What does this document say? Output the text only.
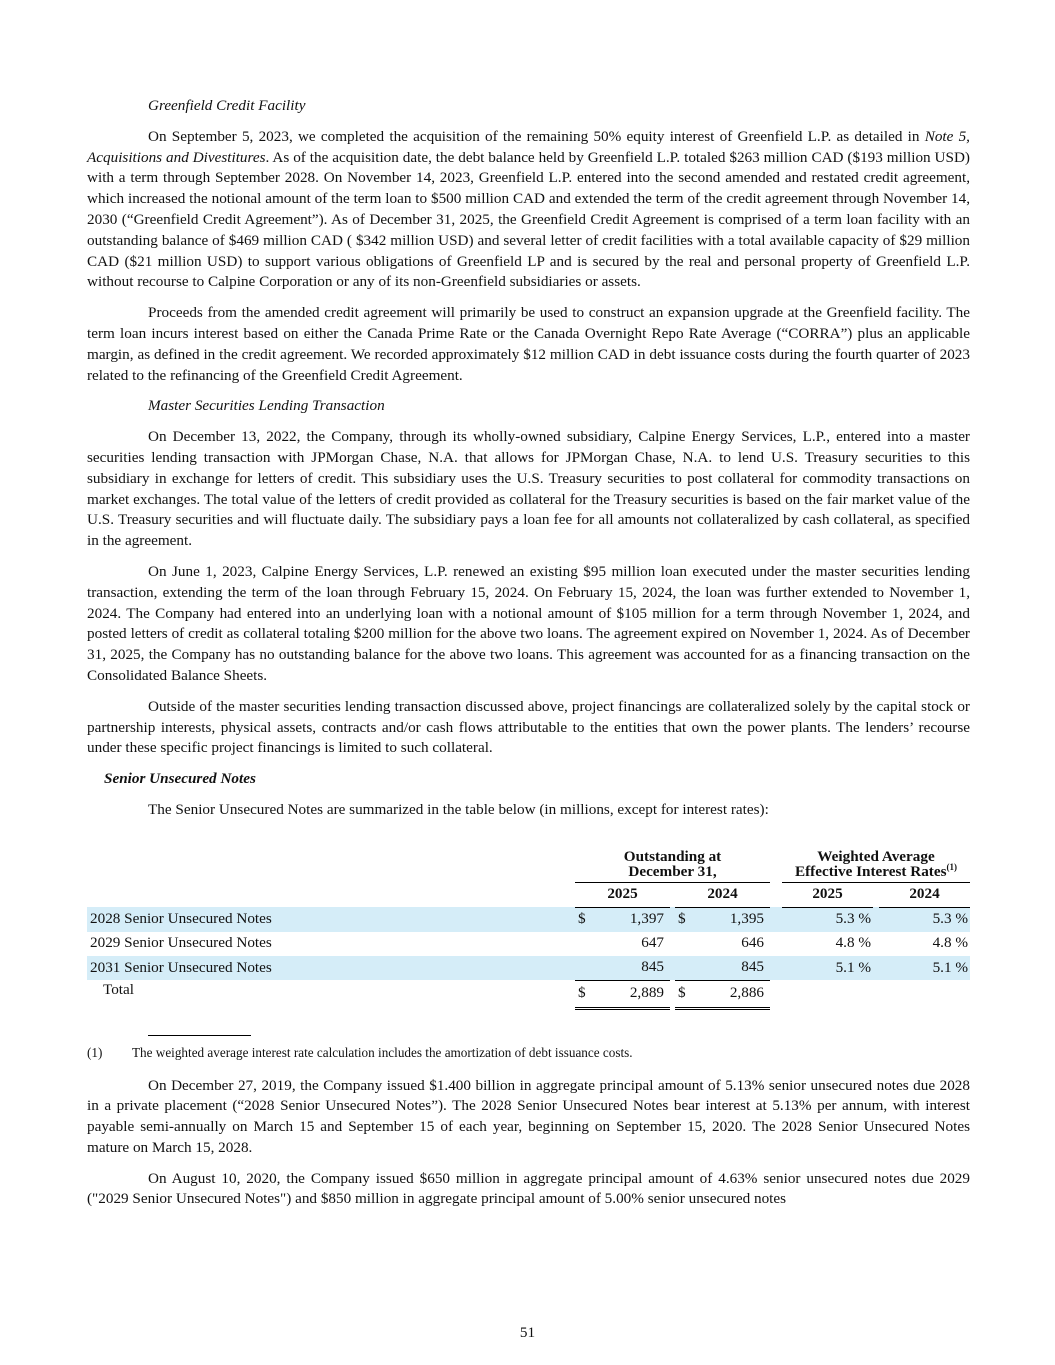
Greenfield Credit Facility

On September 5, 2023, we completed the acquisition of the remaining 50% equity interest of Greenfield L.P. as detailed in Note 5, Acquisitions and Divestitures. As of the acquisition date, the debt balance held by Greenfield L.P. totaled $263 million CAD ($193 million USD) with a term through September 2028. On November 14, 2023, Greenfield L.P. entered into the second amended and restated credit agreement, which increased the notional amount of the term loan to $500 million CAD and extended the term of the credit agreement through November 14, 2030 (“Greenfield Credit Agreement”). As of December 31, 2025, the Greenfield Credit Agreement is comprised of a term loan facility with an outstanding balance of $469 million CAD ( $342 million USD) and several letter of credit facilities with a total available capacity of $29 million CAD ($21 million USD) to support various obligations of Greenfield LP and is secured by the real and personal property of Greenfield L.P. without recourse to Calpine Corporation or any of its non-Greenfield subsidiaries or assets.

Proceeds from the amended credit agreement will primarily be used to construct an expansion upgrade at the Greenfield facility. The term loan incurs interest based on either the Canada Prime Rate or the Canada Overnight Repo Rate Average (“CORRA”) plus an applicable margin, as defined in the credit agreement. We recorded approximately $12 million CAD in debt issuance costs during the fourth quarter of 2023 related to the refinancing of the Greenfield Credit Agreement.

Master Securities Lending Transaction

On December 13, 2022, the Company, through its wholly-owned subsidiary, Calpine Energy Services, L.P., entered into a master securities lending transaction with JPMorgan Chase, N.A. that allows for JPMorgan Chase, N.A. to lend U.S. Treasury securities to this subsidiary in exchange for letters of credit. This subsidiary uses the U.S. Treasury securities to post collateral for commodity transactions on market exchanges. The total value of the letters of credit provided as collateral for the Treasury securities is based on the fair market value of the U.S. Treasury securities and will fluctuate daily. The subsidiary pays a loan fee for all amounts not collateralized by cash collateral, as specified in the agreement.

On June 1, 2023, Calpine Energy Services, L.P. renewed an existing $95 million loan executed under the master securities lending transaction, extending the term of the loan through February 15, 2024. On February 15, 2024, the loan was further extended to November 1, 2024. The Company had entered into an underlying loan with a notional amount of $105 million for a term through November 1, 2024, and posted letters of credit as collateral totaling $200 million for the above two loans. The agreement expired on November 1, 2024. As of December 31, 2025, the Company has no outstanding balance for the above two loans. This agreement was accounted for as a financing transaction on the Consolidated Balance Sheets.

Outside of the master securities lending transaction discussed above, project financings are collateralized solely by the capital stock or partnership interests, physical assets, contracts and/or cash flows attributable to the entities that own the power plants. The lenders’ recourse under these specific project financings is limited to such collateral.

Senior Unsecured Notes

The Senior Unsecured Notes are summarized in the table below (in millions, except for interest rates):

		Outstanding at
December 31,						Weighted Average
Effective Interest Rates$^{(1)}$

		2025			2024			2025		2024
2028 Senior Unsecured Notes		$	1,397		$	1,395		5.3 %		5.3 %
2029 Senior Unsecured Notes			647			646		4.8 %		4.8 %
2031 Senior Unsecured Notes			845			845		5.1 %		5.1 %
Total		$	2,889		$	2,886				
(1)	The weighted average interest rate calculation includes the amortization of debt issuance costs.

On December 27, 2019, the Company issued $1.400 billion in aggregate principal amount of 5.13% senior unsecured notes due 2028 in a private placement (“2028 Senior Unsecured Notes”). The 2028 Senior Unsecured Notes bear interest at 5.13% per annum, with interest payable semi-annually on March 15 and September 15 of each year, beginning on September 15, 2020. The 2028 Senior Unsecured Notes mature on March 15, 2028.

On August 10, 2020, the Company issued $650 million in aggregate principal amount of 4.63% senior unsecured notes due 2029 ("2029 Senior Unsecured Notes") and $850 million in aggregate principal amount of 5.00% senior unsecured notes

51
